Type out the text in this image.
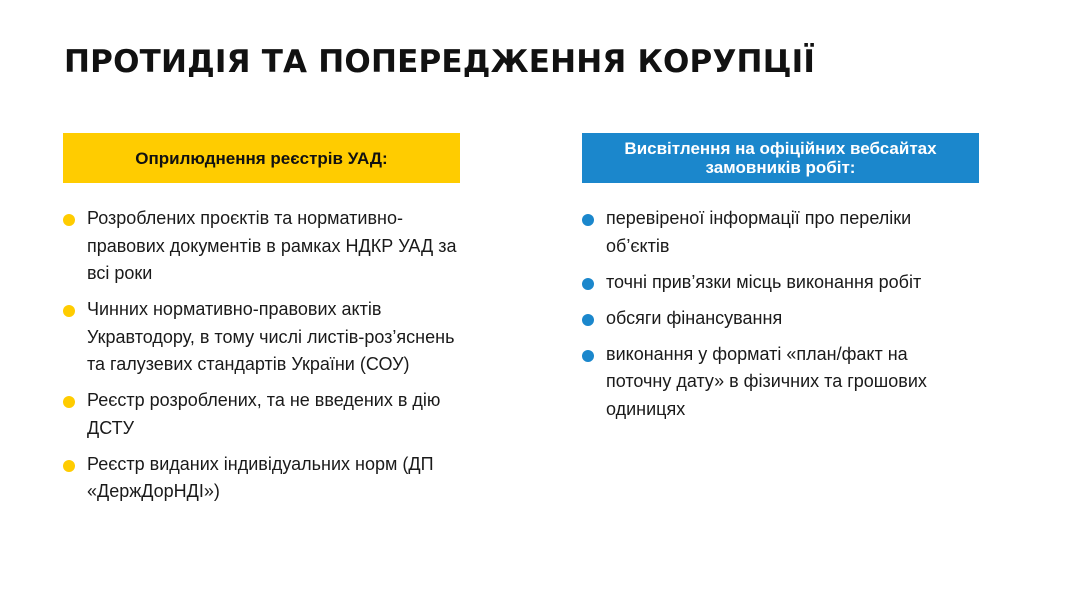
ПРОТИДІЯ ТА ПОПЕРЕДЖЕННЯ КОРУПЦІЇ
Оприлюднення реєстрів УАД:
Розроблених проєктів та нормативно-правових документів в рамках НДКР УАД за всі роки
Чинних нормативно-правових актів Укравтодору, в тому числі листів-роз’яснень та галузевих стандартів України (СОУ)
Реєстр розроблених, та не введених в дію ДСТУ
Реєстр виданих індивідуальних норм (ДП «ДержДорНДІ»)
Висвітлення на офіційних вебсайтах замовників робіт:
перевіреної інформації про переліки об’єктів
точні прив’язки місць виконання робіт
обсяги фінансування
виконання у форматі «план/факт на поточну дату» в фізичних та грошових одиницях
